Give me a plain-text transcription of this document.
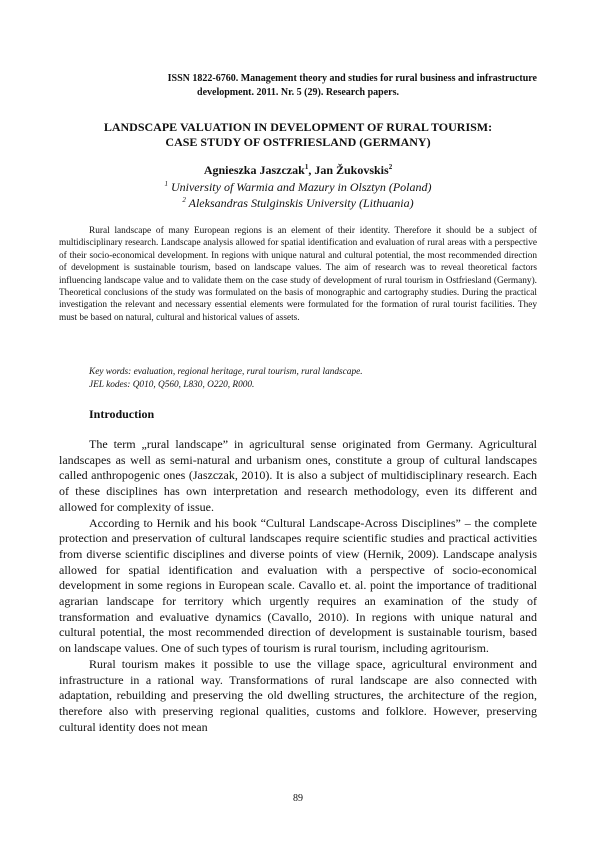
ISSN 1822-6760. Management theory and studies for rural business and infrastructure
development. 2011. Nr. 5 (29). Research papers.
LANDSCAPE VALUATION IN DEVELOPMENT OF RURAL TOURISM:
CASE STUDY OF OSTFRIESLAND (GERMANY)
Agnieszka Jaszczak$^1$, Jan Žukovskis$^2$
$^1$ University of Warmia and Mazury in Olsztyn (Poland)
$^2$ Aleksandras Stulginskis University (Lithuania)
Rural landscape of many European regions is an element of their identity. Therefore it should be a subject of multidisciplinary research. Landscape analysis allowed for spatial identification and evaluation of rural areas with a perspective of their socio-economical development. In regions with unique natural and cultural potential, the most recommended direction of development is sustainable tourism, based on landscape values. The aim of research was to reveal theoretical factors influencing landscape value and to validate them on the case study of development of rural tourism in Ostfriesland (Germany). Theoretical conclusions of the study was formulated on the basis of monographic and cartography studies. During the practical investigation the relevant and necessary essential elements were formulated for the formation of rural tourist facilities. They must be based on natural, cultural and historical values of assets.
Key words: evaluation, regional heritage, rural tourism, rural landscape.
JEL kodes: Q010, Q560, L830, O220, R000.
Introduction

The term „rural landscape” in agricultural sense originated from Germany. Agricultural landscapes as well as semi-natural and urbanism ones, constitute a group of cultural landscapes called anthropogenic ones (Jaszczak, 2010). It is also a subject of multidisciplinary research. Each of these disciplines has own interpretation and research methodology, even its different and allowed for complexity of issue.

According to Hernik and his book “Cultural Landscape-Across Disciplines” – the complete protection and preservation of cultural landscapes require scientific studies and practical activities from diverse scientific disciplines and diverse points of view (Hernik, 2009). Landscape analysis allowed for spatial identification and evaluation with a perspective of socio-economical development in some regions in European scale. Cavallo et. al. point the importance of traditional agrarian landscape for territory which urgently requires an examination of the study of transformation and evaluative dynamics (Cavallo, 2010). In regions with unique natural and cultural potential, the most recommended direction of development is sustainable tourism, based on landscape values. One of such types of tourism is rural tourism, including agritourism.

Rural tourism makes it possible to use the village space, agricultural environment and infrastructure in a rational way. Transformations of rural landscape are also connected with adaptation, rebuilding and preserving the old dwelling structures, the architecture of the region, therefore also with preserving regional qualities, customs and folklore. However, preserving cultural identity does not mean

89
